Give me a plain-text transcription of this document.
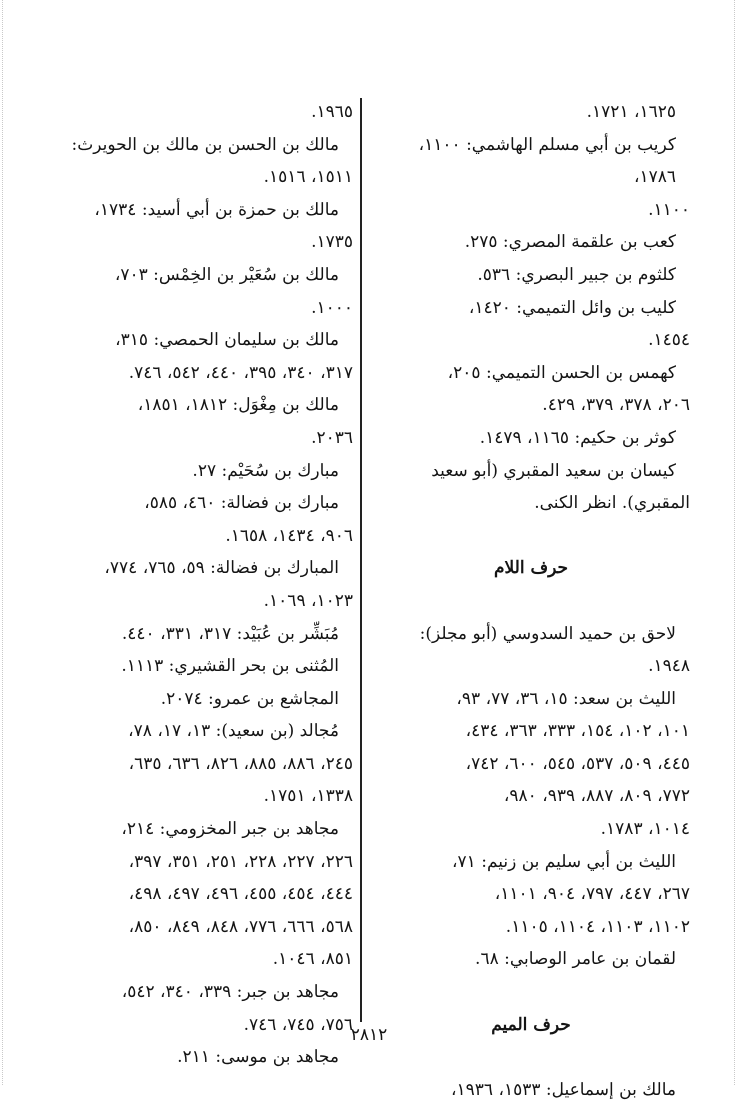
١٦٢٥، ١٧٢١.
كريب بن أبي مسلم الهاشمي: ١١٠٠، ١٧٨٦،
١١٠٠.
كعب بن علقمة المصري: ٢٧٥.
كلثوم بن جبير البصري: ٥٣٦.
كليب بن وائل التميمي: ١٤٢٠،
١٤٥٤.
كهمس بن الحسن التميمي: ٢٠٥،
٢٠٦، ٣٧٨، ٣٧٩، ٤٢٩.
كوثر بن حكيم: ١١٦٥، ١٤٧٩.
كيسان بن سعيد المقبري (أبو سعيد
المقبري). انظر الكنى.
حرف اللام
لاحق بن حميد السدوسي (أبو مجلز):
١٩٤٨.
الليث بن سعد: ١٥، ٣٦، ٧٧، ٩٣،
١٠١، ١٠٢، ١٥٤، ٣٣٣، ٣٦٣، ٤٣٤،
٤٤٥، ٥٠٩، ٥٣٧، ٥٤٥، ٦٠٠، ٧٤٢،
٧٧٢، ٨٠٩، ٨٨٧، ٩٣٩، ٩٨٠،
١٠١٤، ١٧٨٣.
الليث بن أبي سليم بن زنيم: ٧١،
٢٦٧، ٤٤٧، ٧٩٧، ٩٠٤، ١١٠١،
١١٠٢، ١١٠٣، ١١٠٤، ١١٠٥.
لقمان بن عامر الوصابي: ٦٨.
حرف الميم
مالك بن إسماعيل: ١٥٣٣، ١٩٣٦،
١٩٦٥.
مالك بن الحسن بن مالك بن الحويرث:
١٥١١، ١٥١٦.
مالك بن حمزة بن أبي أسيد: ١٧٣٤،
١٧٣٥.
مالك بن سُعَيْر بن الخِمْس: ٧٠٣،
١٠٠٠.
مالك بن سليمان الحمصي: ٣١٥،
٣١٧، ٣٤٠، ٣٩٥، ٤٤٠، ٥٤٢، ٧٤٦.
مالك بن مِغْوَل: ١٨١٢، ١٨٥١،
٢٠٣٦.
مبارك بن سُحَيْم: ٢٧.
مبارك بن فضالة: ٤٦٠، ٥٨٥،
٩٠٦، ١٤٣٤، ١٦٥٨.
المبارك بن فضالة: ٥٩، ٧٦٥، ٧٧٤،
١٠٢٣، ١٠٦٩.
مُبَشِّر بن عُبَيْد: ٣١٧، ٣٣١، ٤٤٠.
المُثنى بن بحر القشيري: ١١١٣.
المجاشع بن عمرو: ٢٠٧٤.
مُجالد (بن سعيد): ١٣، ١٧، ٧٨،
٢٤٥، ٨٨٦، ٨٨٥، ٨٢٦، ٦٣٦، ٦٣٥،
١٣٣٨، ١٧٥١.
مجاهد بن جبر المخزومي: ٢١٤،
٢٢٦، ٢٢٧، ٢٢٨، ٢٥١، ٣٥١، ٣٩٧،
٤٤٤، ٤٥٤، ٤٥٥، ٤٩٦، ٤٩٧، ٤٩٨،
٥٦٨، ٦٦٦، ٧٧٦، ٨٤٨، ٨٤٩، ٨٥٠،
٨٥١، ١٠٤٦.
مجاهد بن جبر: ٣٣٩، ٣٤٠، ٥٤٢،
٧٥٦، ٧٤٥، ٧٤٦.
مجاهد بن موسى: ٢١١.
٢٨١٢
